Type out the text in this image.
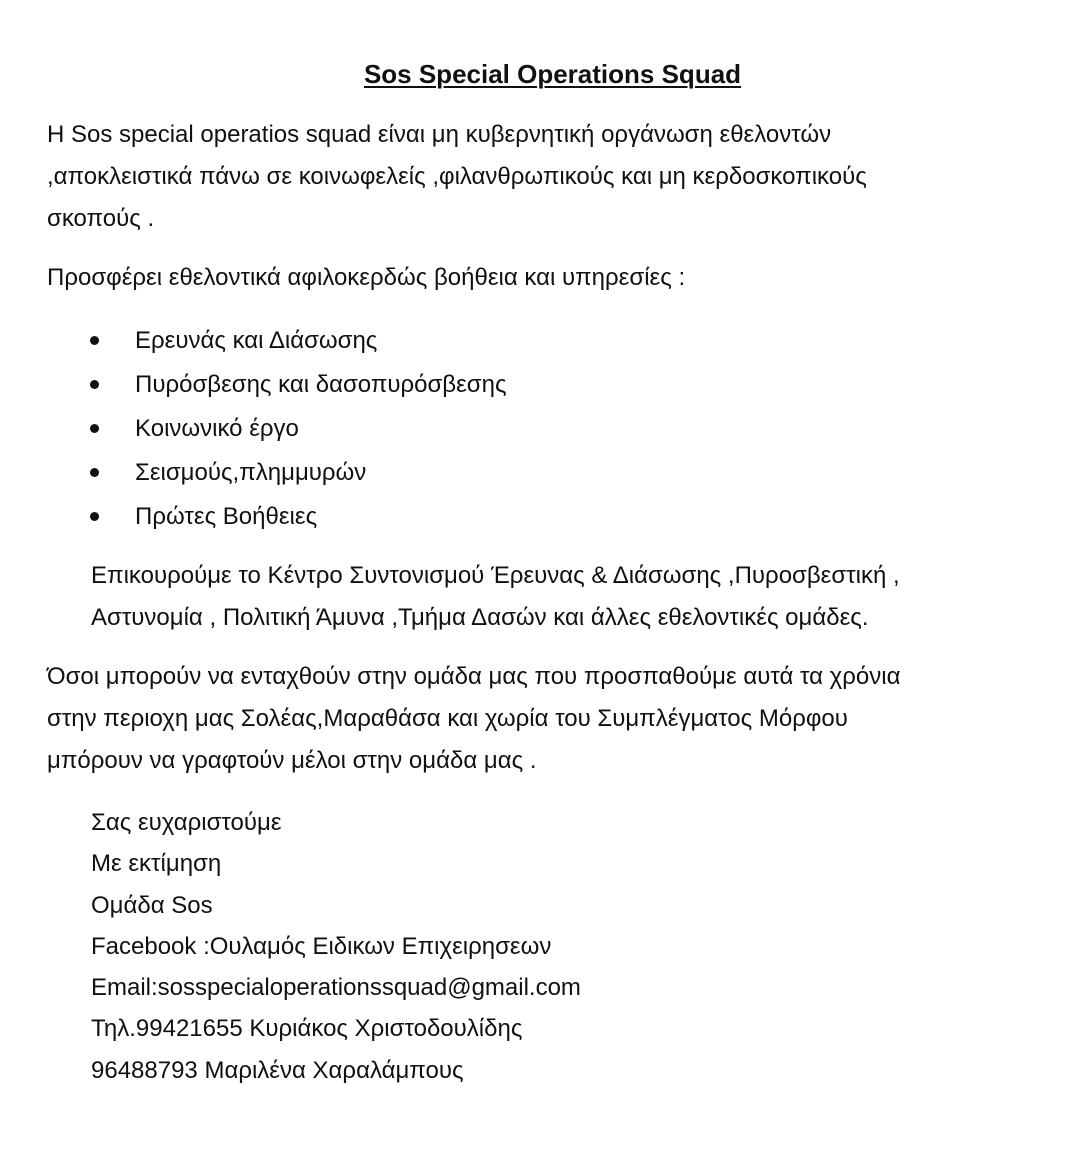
Sos Special Operations Squad
Η Sos special operatios squad είναι μη κυβερνητική οργάνωση εθελοντών
,αποκλειστικά πάνω σε κοινωφελείς ,φιλανθρωπικούς και μη κερδοσκοπικούς
σκοπούς .
Προσφέρει εθελοντικά αφιλοκερδώς βοήθεια και υπηρεσίες :
Ερευνάς και Διάσωσης
Πυρόσβεσης και δασοπυρόσβεσης
Κοινωνικό έργο
Σεισμούς,πλημμυρών
Πρώτες Βοήθειες
Επικουρούμε το Κέντρο Συντονισμού Έρευνας & Διάσωσης ,Πυροσβεστική ,
Αστυνομία , Πολιτική Άμυνα ,Τμήμα Δασών και άλλες εθελοντικές ομάδες.
Όσοι μπορούν να ενταχθούν στην ομάδα μας που προσπαθούμε αυτά τα χρόνια
στην περιοχη μας Σολέας,Μαραθάσα και χωρία του Συμπλέγματος Μόρφου
μπόρουν να γραφτούν μέλοι στην ομάδα μας .
Σας ευχαριστούμε
Με εκτίμηση
Ομάδα Sos
Facebook :Ουλαμός Ειδικων Επιχειρησεων
Email:sosspecialoperationssquad@gmail.com
Τηλ.99421655 Κυριάκος Χριστοδουλίδης
96488793 Μαριλένα Χαραλάμπους
